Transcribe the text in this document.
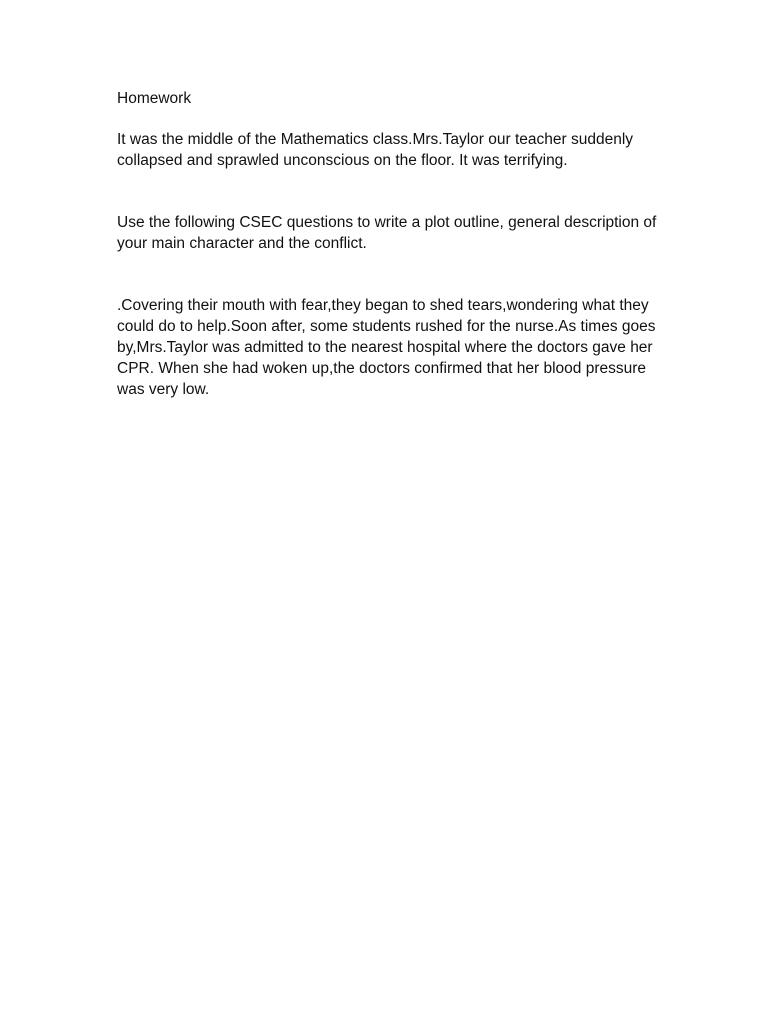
Homework

It was the middle of the Mathematics class.Mrs.Taylor our teacher suddenly collapsed and sprawled unconscious on the floor. It was terrifying.

Use the following CSEC questions to write a plot outline, general description of your main character and the conflict.

.Covering their mouth with fear,they began to shed tears,wondering what they could do to help.Soon after, some students rushed for the nurse.As times goes by,Mrs.Taylor was admitted to the nearest hospital where the doctors gave her CPR. When she had woken up,the doctors confirmed that her blood pressure was very low.
